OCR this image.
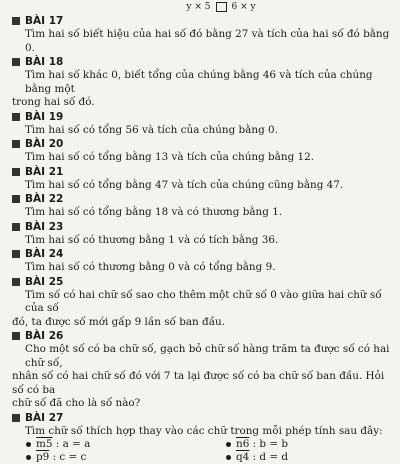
y × 5 6 × y
BÀI 17
Tìm hai số biết hiệu của hai số đó bằng 27 và tích của hai số đó bằng 0.
BÀI 18
Tìm hai số khác 0, biết tổng của chúng bằng 46 và tích của chúng bằng một
trong hai số đó.
BÀI 19
Tìm hai số có tổng 56 và tích của chúng bằng 0.
BÀI 20
Tìm hai số có tổng bằng 13 và tích của chúng bằng 12.
BÀI 21
Tìm hai số có tổng bằng 47 và tích của chúng cũng bằng 47.
BÀI 22
Tìm hai số có tổng bằng 18 và có thương bằng 1.
BÀI 23
Tìm hai số có thương bằng 1 và có tích bằng 36.
BÀI 24
Tìm hai số có thương bằng 0 và có tổng bằng 9.
BÀI 25
Tìm số có hai chữ số sao cho thêm một chữ số 0 vào giữa hai chữ số của số
đó, ta được số mới gấp 9 lần số ban đầu.
BÀI 26
Cho một số có ba chữ số, gạch bỏ chữ số hàng trăm ta được số có hai chữ số,
nhân số có hai chữ số đó với 7 ta lại được số có ba chữ số ban đầu. Hỏi số có ba
chữ số đã cho là số nào?
BÀI 27
Tìm chữ số thích hợp thay vào các chữ trong mỗi phép tính sau đây:
m5 : a = a	n6 : b = b
p9 : c = c	q4 : d = d
